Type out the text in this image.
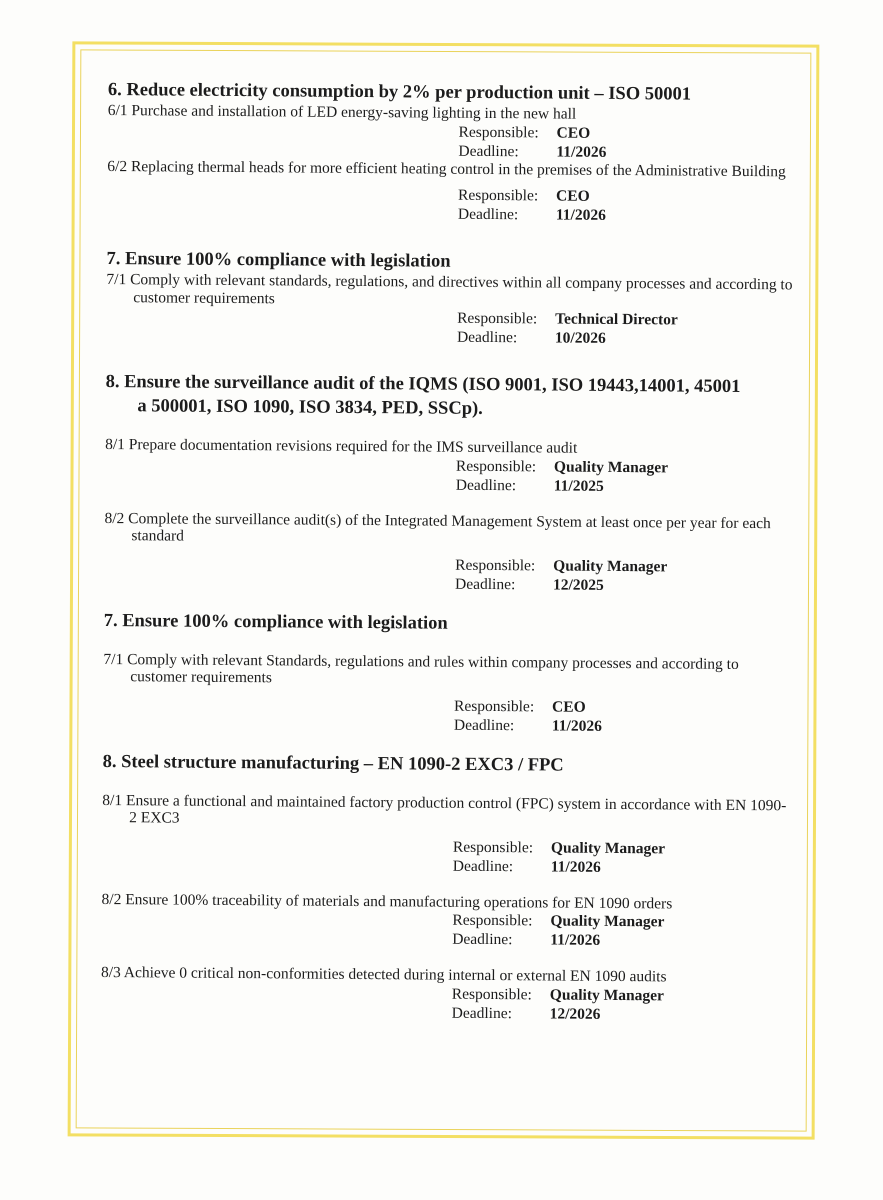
6. Reduce electricity consumption by 2% per production unit – ISO 50001
6/1 Purchase and installation of LED energy-saving lighting in the new hall
Responsible:	CEO
Deadline:	11/2026
6/2 Replacing thermal heads for more efficient heating control in the premises of the Administrative Building
Responsible:	CEO
Deadline:	11/2026
7. Ensure 100% compliance with legislation
7/1 Comply with relevant standards, regulations, and directives within all company processes and according to customer requirements
Responsible:	Technical Director
Deadline:	10/2026
8. Ensure the surveillance audit of the IQMS (ISO 9001, ISO 19443,14001, 45001
a 500001, ISO 1090, ISO 3834, PED, SSCp).
8/1 Prepare documentation revisions required for the IMS surveillance audit
Responsible:	Quality Manager
Deadline:	11/2025
8/2 Complete the surveillance audit(s) of the Integrated Management System at least once per year for each standard
Responsible:	Quality Manager
Deadline:	12/2025
7. Ensure 100% compliance with legislation
7/1 Comply with relevant Standards, regulations and rules within company processes and according to customer requirements
Responsible:	CEO
Deadline:	11/2026
8. Steel structure manufacturing – EN 1090-2 EXC3 / FPC
8/1 Ensure a functional and maintained factory production control (FPC) system in accordance with EN 1090-2 EXC3
Responsible:	Quality Manager
Deadline:	11/2026
8/2 Ensure 100% traceability of materials and manufacturing operations for EN 1090 orders
Responsible:	Quality Manager
Deadline:	11/2026
8/3 Achieve 0 critical non-conformities detected during internal or external EN 1090 audits
Responsible:	Quality Manager
Deadline:	12/2026
